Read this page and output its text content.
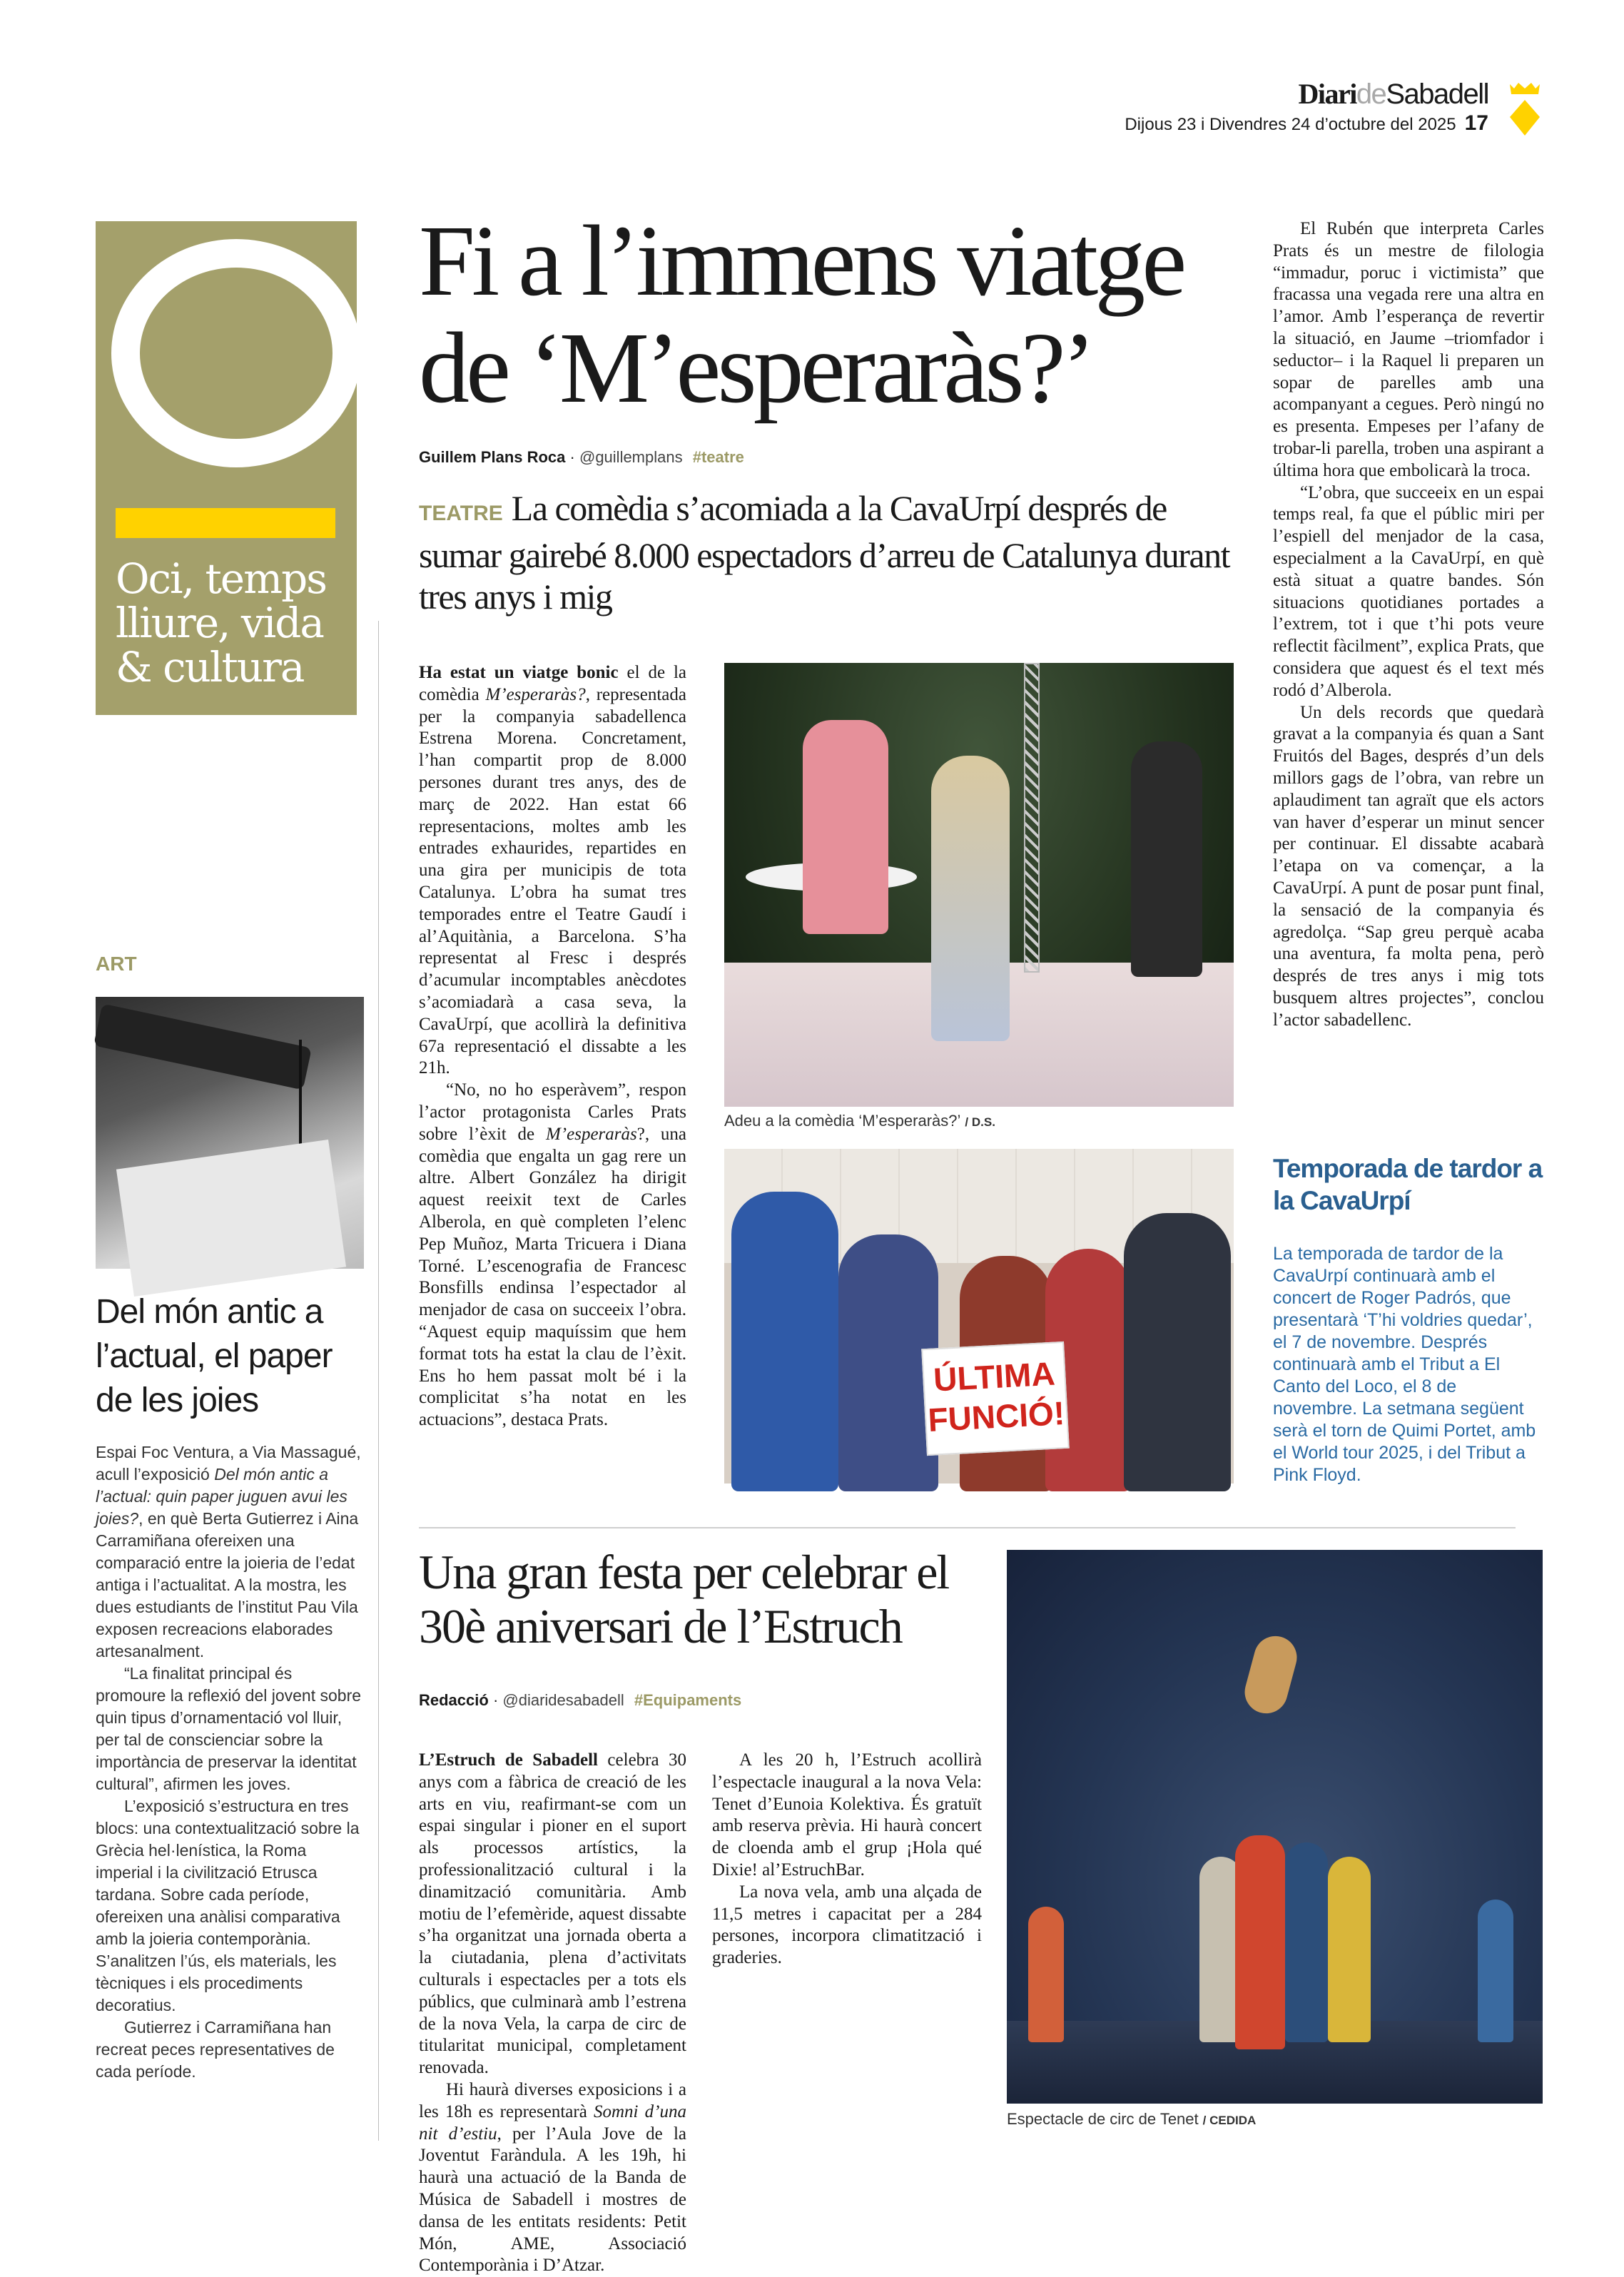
DiarideSabadell
Dijous 23 i Divendres 24 d’octubre del 2025 17
Oci, temps
lliure, vida
& cultura
ART
Del món antic a l’actual, el paper de les joies

Espai Foc Ventura, a Via Massagué, acull l’exposició Del món antic a l’actual: quin paper juguen avui les joies?, en què Berta Gutierrez i Aina Carramiñana ofereixen una comparació entre la joieria de l’edat antiga i l’actualitat. A la mostra, les dues estudiants de l’institut Pau Vila exposen recreacions elaborades artesanalment.

“La finalitat principal és promoure la reflexió del jovent sobre quin tipus d’ornamentació vol lluir, per tal de conscienciar sobre la importància de preservar la identitat cultural”, afirmen les joves.

L’exposició s’estructura en tres blocs: una contextualització sobre la Grècia hel·lenística, la Roma imperial i la civilització Etrusca tardana. Sobre cada període, ofereixen una anàlisi comparativa amb la joieria contemporània. S’analitzen l’ús, els materials, les tècniques i els procediments decoratius.

Gutierrez i Carramiñana han recreat peces representatives de cada període.

Fi a l’immens viatge de ‘M’esperaràs?’
Guillem Plans Roca · @guillemplans #teatre
TEATRE La comèdia s’acomiada a la CavaUrpí després de sumar gairebé 8.000 espectadors d’arreu de Catalunya durant tres anys i mig

Ha estat un viatge bonic el de la comèdia M’esperaràs?, representada per la companyia sabadellenca Estrena Morena. Concretament, l’han compartit prop de 8.000 persones durant tres anys, des de març de 2022. Han estat 66 representacions, moltes amb les entrades exhaurides, repartides en una gira per municipis de tota Catalunya. L’obra ha sumat tres temporades entre el Teatre Gaudí i al’Aquitània, a Barcelona. S’ha representat al Fresc i després d’acumular incomptables anècdotes s’acomiadarà a casa seva, la CavaUrpí, que acollirà la definitiva 67a representació el dissabte a les 21h.

“No, no ho esperàvem”, respon l’actor protagonista Carles Prats sobre l’èxit de M’esperaràs?, una comèdia que engalta un gag rere un altre. Albert González ha dirigit aquest reeixit text de Carles Alberola, en què completen l’elenc Pep Muñoz, Marta Tricuera i Diana Torné. L’escenografia de Francesc Bonsfills endinsa l’espectador al menjador de casa on succeeix l’obra. “Aquest equip maquíssim que hem format tots ha estat la clau de l’èxit. Ens ho hem passat molt bé i la complicitat s’ha notat en les actuacions”, destaca Prats.

Adeu a la comèdia ‘M’esperaràs?’ / D.S.
ÚLTIMA
FUNCIÓ!

El Rubén que interpreta Carles Prats és un mestre de filologia “immadur, poruc i victimista” que fracassa una vegada rere una altra en l’amor. Amb l’esperança de revertir la situació, en Jaume –triomfador i seductor– i la Raquel li preparen un sopar de parelles amb una acompanyant a cegues. Però ningú no es presenta. Empeses per l’afany de trobar-li parella, troben una aspirant a última hora que embolicarà la troca.

“L’obra, que succeeix en un espai temps real, fa que el públic miri per l’espiell del menjador de la casa, especialment a la CavaUrpí, en què està situat a quatre bandes. Són situacions quotidianes portades a l’extrem, tot i que t’hi pots veure reflectit fàcilment”, explica Prats, que considera que aquest és el text més rodó d’Alberola.

Un dels records que quedarà gravat a la companyia és quan a Sant Fruitós del Bages, després d’un dels millors gags de l’obra, van rebre un aplaudiment tan agraït que els actors van haver d’esperar un minut sencer per continuar. El dissabte acabarà l’etapa on va començar, a la CavaUrpí. A punt de posar punt final, la sensació de la companyia és agredolça. “Sap greu perquè acaba una aventura, fa molta pena, però després de tres anys i mig tots busquem altres projectes”, conclou l’actor sabadellenc.

Temporada de tardor a la CavaUrpí
La temporada de tardor de la CavaUrpí continuarà amb el concert de Roger Padrós, que presentarà ‘T’hi voldries quedar’, el 7 de novembre. Després continuarà amb el Tribut a El Canto del Loco, el 8 de novembre. La setmana següent serà el torn de Quimi Portet, amb el World tour 2025, i del Tribut a Pink Floyd.
Una gran festa per celebrar el 30è aniversari de l’Estruch
Redacció · @diaridesabadell #Equipaments

L’Estruch de Sabadell celebra 30 anys com a fàbrica de creació de les arts en viu, reafirmant-se com un espai singular i pioner en el suport als processos artístics, la professionalització cultural i la dinamització comunitària. Amb motiu de l’efemèride, aquest dissabte s’ha organitzat una jornada oberta a la ciutadania, plena d’activitats culturals i espectacles per a tots els públics, que culminarà amb l’estrena de la nova Vela, la carpa de circ de titularitat municipal, completament renovada.

Hi haurà diverses exposicions i a les 18h es representarà Somni d’una nit d’estiu, per l’Aula Jove de la Joventut Faràndula. A les 19h, hi haurà una actuació de la Banda de Música de Sabadell i mostres de dansa de les entitats residents: Petit Món, AME, Associació Contemporània i D’Atzar.

A les 20 h, l’Estruch acollirà l’espectacle inaugural a la nova Vela: Tenet d’Eunoia Kolektiva. És gratuït amb reserva prèvia. Hi haurà concert de cloenda amb el grup ¡Hola qué Dixie! al’EstruchBar.

La nova vela, amb una alçada de 11,5 metres i capacitat per a 284 persones, incorpora climatització i graderies.

Espectacle de circ de Tenet / CEDIDA
